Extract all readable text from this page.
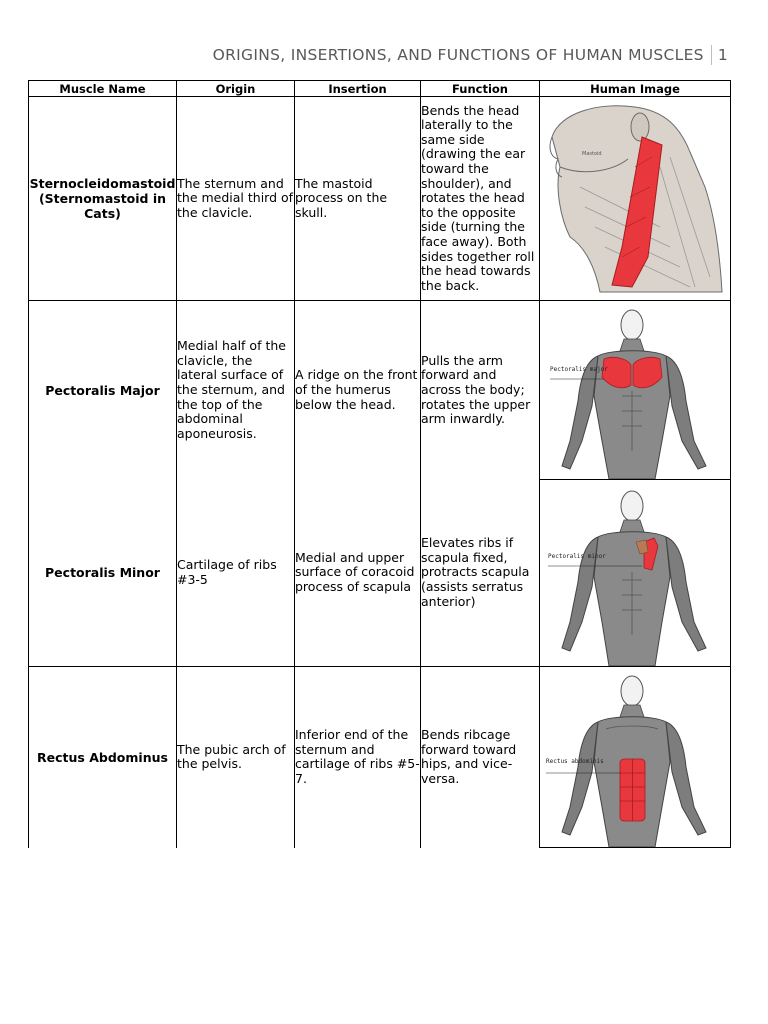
ORIGINS, INSERTIONS, AND FUNCTIONS OF HUMAN MUSCLES 1
Muscle Name	Origin	Insertion	Function	Human Image
Sternocleidomastoid (Sternomastoid in Cats)	The sternum and the medial third of the clavicle.	The mastoid process on the skull.	Bends the head laterally to the same side (drawing the ear toward the shoulder), and rotates the head to the opposite side (turning the face away). Both sides together roll the head towards the back.	Mastoid

Pectoralis Major	Medial half of the clavicle, the lateral surface of the sternum, and the top of the abdominal aponeurosis.	A ridge on the front of the humerus below the head.	Pulls the arm forward and across the body; rotates the upper arm inwardly.	Pectoralis major

Pectoralis Minor	Cartilage of ribs #3-5	Medial and upper surface of coracoid process of scapula	Elevates ribs if scapula fixed, protracts scapula (assists serratus anterior)	Pectoralis minor

Rectus Abdominus	The pubic arch of the pelvis.	Inferior end of the sternum and cartilage of ribs #5-7.	Bends ribcage forward toward hips, and vice-versa.	Rectus abdominis
